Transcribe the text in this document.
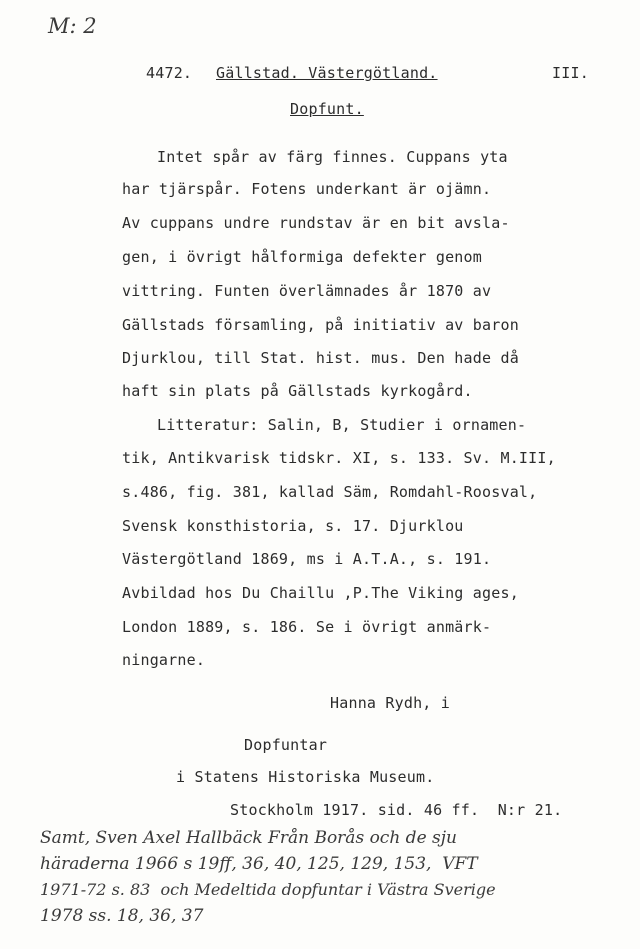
M: 2
4472. Gällstad. Västergötland.	III.
Dopfunt.
Intet spår av färg finnes. Cuppans yta
har tjärspår. Fotens underkant är ojämn.
Av cuppans undre rundstav är en bit avsla-
gen, i övrigt hålformiga defekter genom
vittring. Funten överlämnades år 1870 av
Gällstads församling, på initiativ av baron
Djurklou, till Stat. hist. mus. Den hade då
haft sin plats på Gällstads kyrkogård.
Litteratur: Salin, B, Studier i ornamen-
tik, Antikvarisk tidskr. XI, s. 133. Sv. M.III,
s.486, fig. 381, kallad Säm, Romdahl-Roosval,
Svensk konsthistoria, s. 17. Djurklou
Västergötland 1869, ms i A.T.A., s. 191.
Avbildad hos Du Chaillu ,P.The Viking ages,
London 1889, s. 186. Se i övrigt anmärk-
ningarne.
Hanna Rydh, i
Dopfuntar
i Statens Historiska Museum.
Stockholm 1917. sid. 46 ff.  N:r 21.
Samt, Sven Axel Hallbäck Från Borås och de sju
häraderna 1966 s 19ff, 36, 40, 125, 129, 153,  VFT
1971-72 s. 83  och Medeltida dopfuntar i Västra Sverige
1978 ss. 18, 36, 37
